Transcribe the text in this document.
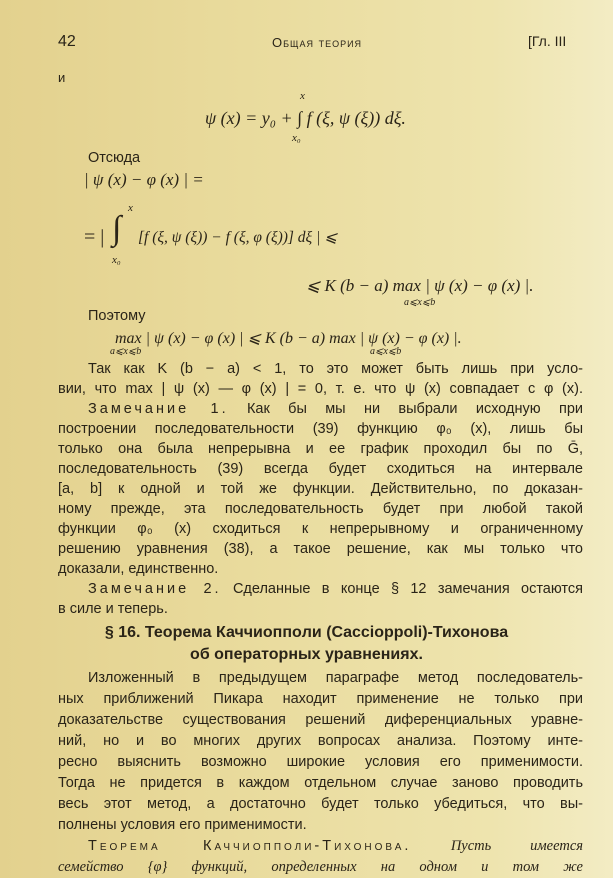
42	Общая теория	[Гл. III
и
ψ (x) = y₀ + ∫ f (ξ, ψ (ξ)) dξ.
x
x₀
Отсюда
| ψ (x) − φ (x) | =
= | ∫
x
x₀
[f (ξ, ψ (ξ)) − f (ξ, φ (ξ))] dξ | ⩽
⩽ K (b − a) max | ψ (x) − φ (x) |.
a⩽x⩽b
Поэтому
max | ψ (x) − φ (x) | ⩽ K (b − a) max | ψ (x) − φ (x) |.
a⩽x⩽b	a⩽x⩽b
Так как K (b − a) < 1, то это может быть лишь при усло-
вии, что max | ψ (x) — φ (x) | = 0, т. е. что ψ (x) совпадает с φ (x).
Замечание 1. Как бы мы ни выбрали исходную при
построении последовательности (39) функцию φ₀ (x), лишь бы
только она была непрерывна и ее график проходил бы по Ḡ,
последовательность (39) всегда будет сходиться на интервале
[a, b] к одной и той же функции. Действительно, по доказан-
ному прежде, эта последовательность будет при любой такой
функции φ₀ (x) сходиться к непрерывному и ограниченному
решению уравнения (38), а такое решение, как мы только что
доказали, единственно.
Замечание 2. Сделанные в конце § 12 замечания остаются
в силе и теперь.
§ 16. Теорема Каччиоппoли (Caccioppoli)-Тихонова
об операторных уравнениях.
Изложенный в предыдущем параграфе метод последователь-
ных приближений Пикара находит применение не только при
доказательстве существования решений диференциальных уравне-
ний, но и во многих других вопросах анализа. Поэтому инте-
ресно выяснить возможно широкие условия его применимости.
Тогда не придется в каждом отдельном случае заново проводить
весь этот метод, а достаточно будет только убедиться, что вы-
полнены условия его применимости.
Теорема Каччиопполи-Тихонова.	Пусть имеется
семейство {φ} функций, определенных на одном и том же
